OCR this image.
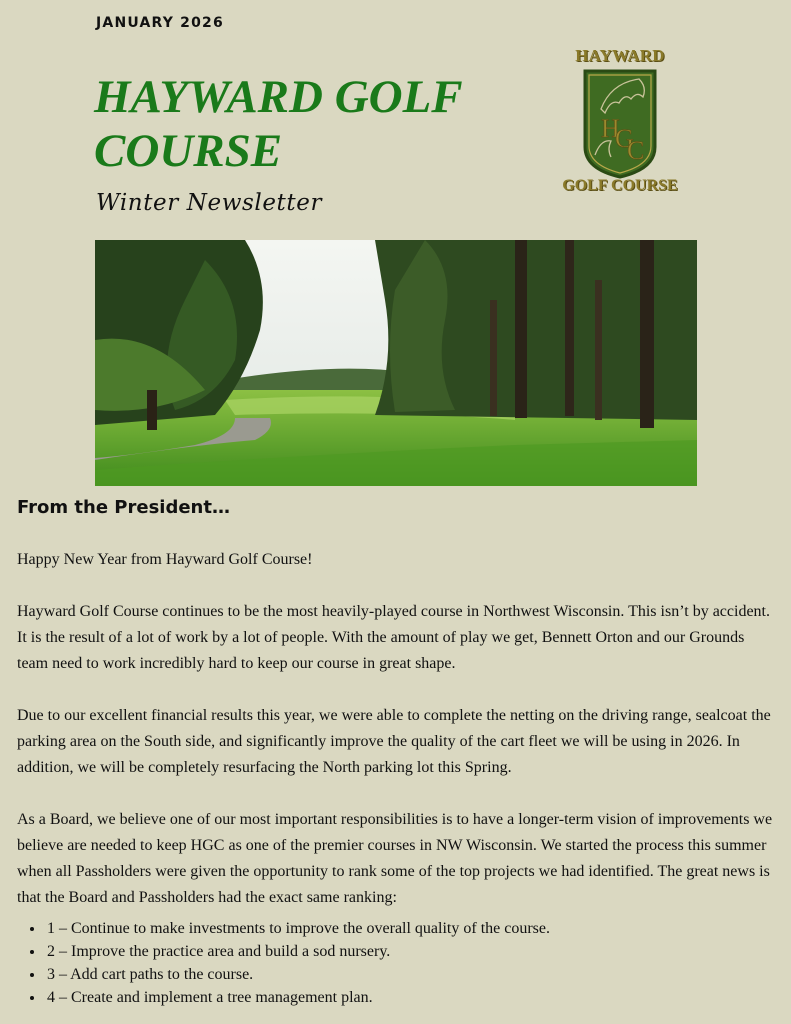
JANUARY 2026
HAYWARD GOLF COURSE
Winter Newsletter
HAYWARD
H
G
C
GOLF COURSE
From the President…

Happy New Year from Hayward Golf Course!

Hayward Golf Course continues to be the most heavily-played course in Northwest Wisconsin. This isn’t by accident. It is the result of a lot of work by a lot of people. With the amount of play we get, Bennett Orton and our Grounds team need to work incredibly hard to keep our course in great shape.

Due to our excellent financial results this year, we were able to complete the netting on the driving range, sealcoat the parking area on the South side, and significantly improve the quality of the cart fleet we will be using in 2026. In addition, we will be completely resurfacing the North parking lot this Spring.

As a Board, we believe one of our most important responsibilities is to have a longer-term vision of improvements we believe are needed to keep HGC as one of the premier courses in NW Wisconsin. We started the process this summer when all Passholders were given the opportunity to rank some of the top projects we had identified. The great news is that the Board and Passholders had the exact same ranking:

• 1 – Continue to make investments to improve the overall quality of the course.
• 2 – Improve the practice area and build a sod nursery.
• 3 – Add cart paths to the course.
• 4 – Create and implement a tree management plan.
